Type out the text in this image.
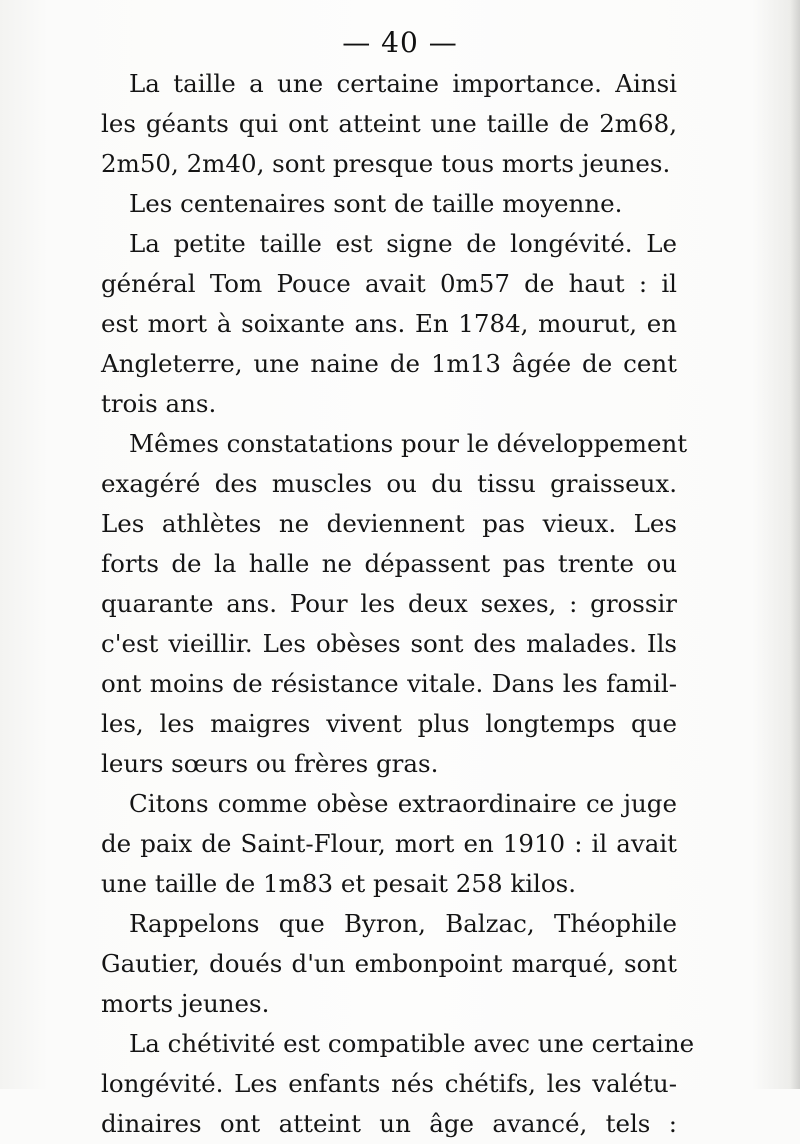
— 40 —
La taille a une certaine importance. Ainsi
les géants qui ont atteint une taille de 2m68,
2m50, 2m40, sont presque tous morts jeunes.
Les centenaires sont de taille moyenne.
La petite taille est signe de longévité. Le
général Tom Pouce avait 0m57 de haut : il
est mort à soixante ans. En 1784, mourut, en
Angleterre, une naine de 1m13 âgée de cent
trois ans.
Mêmes constatations pour le développement
exagéré des muscles ou du tissu graisseux.
Les athlètes ne deviennent pas vieux. Les
forts de la halle ne dépassent pas trente ou
quarante ans. Pour les deux sexes, : grossir
c'est vieillir. Les obèses sont des malades. Ils
ont moins de résistance vitale. Dans les famil-
les, les maigres vivent plus longtemps que
leurs sœurs ou frères gras.
Citons comme obèse extraordinaire ce juge
de paix de Saint-Flour, mort en 1910 : il avait
une taille de 1m83 et pesait 258 kilos.
Rappelons que Byron, Balzac, Théophile
Gautier, doués d'un embonpoint marqué, sont
morts jeunes.
La chétivité est compatible avec une certaine
longévité. Les enfants nés chétifs, les valétu-
dinaires ont atteint un âge avancé, tels :
